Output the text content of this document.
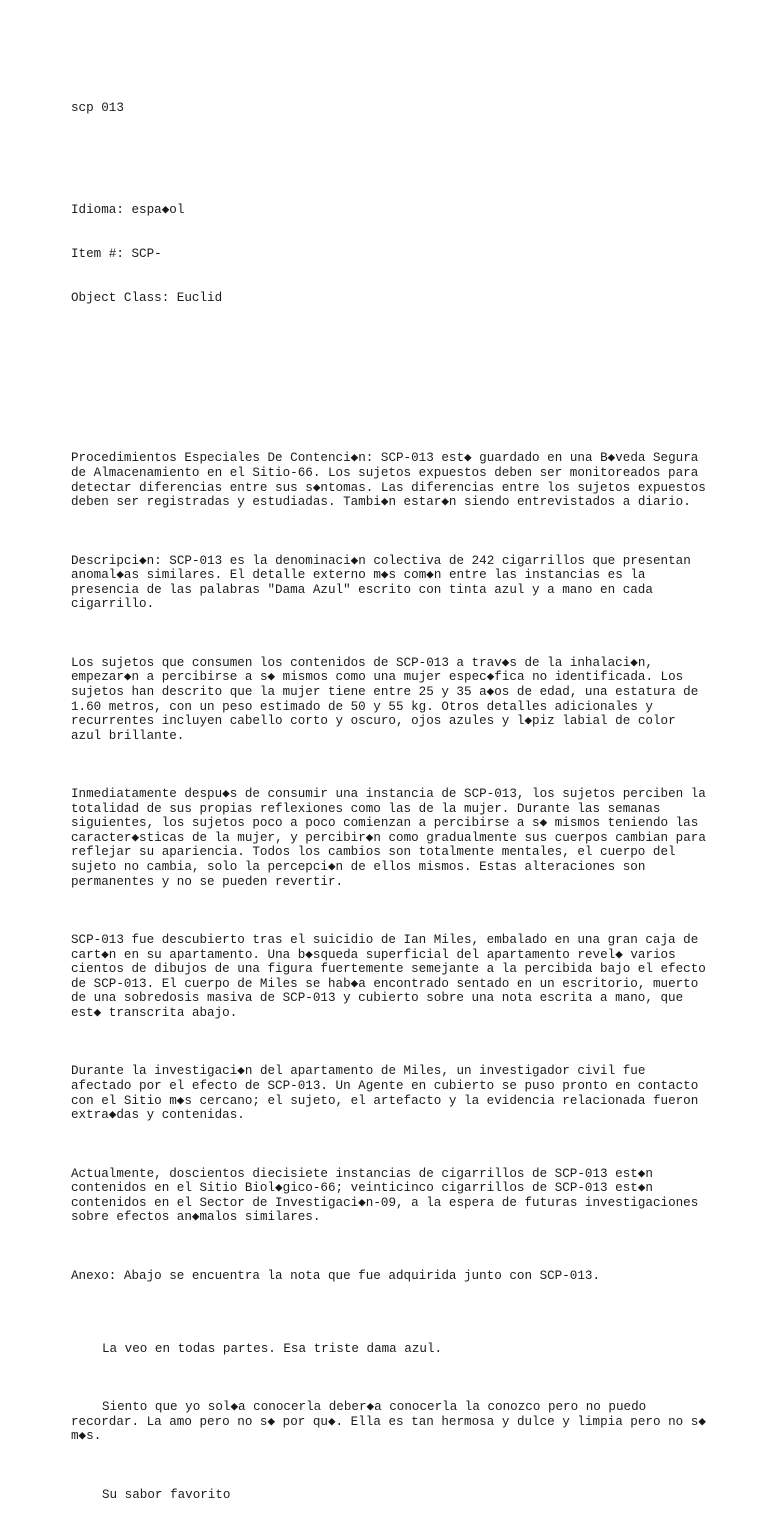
scp 013

Idioma: espa◆ol

Item #: SCP-

Object Class: Euclid

Procedimientos Especiales De Contenci◆n: SCP-013 est◆ guardado en una B◆veda Segura de Almacenamiento en el Sitio-66. Los sujetos expuestos deben ser monitoreados para detectar diferencias entre sus s◆ntomas. Las diferencias entre los sujetos expuestos deben ser registradas y estudiadas. Tambi◆n estar◆n siendo entrevistados a diario.

Descripci◆n: SCP-013 es la denominaci◆n colectiva de 242 cigarrillos que presentan anomal◆as similares. El detalle externo m◆s com◆n entre las instancias es la presencia de las palabras "Dama Azul" escrito con tinta azul y a mano en cada cigarrillo.

Los sujetos que consumen los contenidos de SCP-013 a trav◆s de la inhalaci◆n, empezar◆n a percibirse a s◆ mismos como una mujer espec◆fica no identificada. Los sujetos han descrito que la mujer tiene entre 25 y 35 a◆os de edad, una estatura de 1.60 metros, con un peso estimado de 50 y 55 kg. Otros detalles adicionales y recurrentes incluyen cabello corto y oscuro, ojos azules y l◆piz labial de color azul brillante.

Inmediatamente despu◆s de consumir una instancia de SCP-013, los sujetos perciben la totalidad de sus propias reflexiones como las de la mujer. Durante las semanas siguientes, los sujetos poco a poco comienzan a percibirse a s◆ mismos teniendo las caracter◆sticas de la mujer, y percibir◆n como gradualmente sus cuerpos cambian para reflejar su apariencia. Todos los cambios son totalmente mentales, el cuerpo del sujeto no cambia, solo la percepci◆n de ellos mismos. Estas alteraciones son permanentes y no se pueden revertir.

SCP-013 fue descubierto tras el suicidio de Ian Miles, embalado en una gran caja de cart◆n en su apartamento. Una b◆squeda superficial del apartamento revel◆ varios cientos de dibujos de una figura fuertemente semejante a la percibida bajo el efecto de SCP-013. El cuerpo de Miles se hab◆a encontrado sentado en un escritorio, muerto de una sobredosis masiva de SCP-013 y cubierto sobre una nota escrita a mano, que est◆ transcrita abajo.

Durante la investigaci◆n del apartamento de Miles, un investigador civil fue afectado por el efecto de SCP-013. Un Agente en cubierto se puso pronto en contacto con el Sitio m◆s cercano; el sujeto, el artefacto y la evidencia relacionada fueron extra◆das y contenidas.

Actualmente, doscientos diecisiete instancias de cigarrillos de SCP-013 est◆n contenidos en el Sitio Biol◆gico-66; veinticinco cigarrillos de SCP-013 est◆n contenidos en el Sector de Investigaci◆n-09, a la espera de futuras investigaciones sobre efectos an◆malos similares.

Anexo: Abajo se encuentra la nota que fue adquirida junto con SCP-013.

La veo en todas partes. Esa triste dama azul.

Siento que yo sol◆a conocerla deber◆a conocerla la conozco pero no puedo recordar. La amo pero no s◆ por qu◆. Ella es tan hermosa y dulce y limpia pero no s◆ m◆s.

Su sabor favorito
